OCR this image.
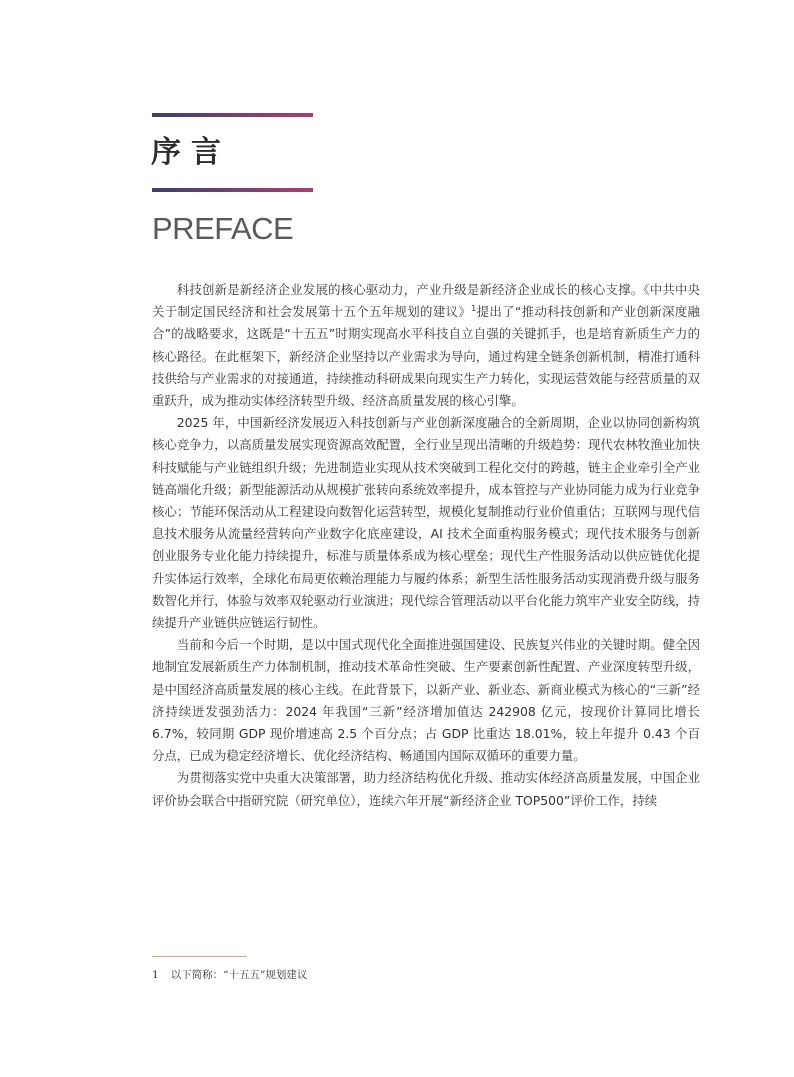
序言
PREFACE

科技创新是新经济企业发展的核心驱动力，产业升级是新经济企业成长的核心支撑。《中共中央关于制定国民经济和社会发展第十五个五年规划的建议》$^1$提出了“推动科技创新和产业创新深度融合”的战略要求，这既是“十五五”时期实现高水平科技自立自强的关键抓手，也是培育新质生产力的核心路径。在此框架下，新经济企业坚持以产业需求为导向，通过构建全链条创新机制，精准打通科技供给与产业需求的对接通道，持续推动科研成果向现实生产力转化，实现运营效能与经营质量的双重跃升，成为推动实体经济转型升级、经济高质量发展的核心引擎。

2025 年，中国新经济发展迈入科技创新与产业创新深度融合的全新周期，企业以协同创新构筑核心竞争力，以高质量发展实现资源高效配置，全行业呈现出清晰的升级趋势：现代农林牧渔业加快科技赋能与产业链组织升级；先进制造业实现从技术突破到工程化交付的跨越，链主企业牵引全产业链高端化升级；新型能源活动从规模扩张转向系统效率提升，成本管控与产业协同能力成为行业竞争核心；节能环保活动从工程建设向数智化运营转型，规模化复制推动行业价值重估；互联网与现代信息技术服务从流量经营转向产业数字化底座建设，AI 技术全面重构服务模式；现代技术服务与创新创业服务专业化能力持续提升，标准与质量体系成为核心壁垒；现代生产性服务活动以供应链优化提升实体运行效率，全球化布局更依赖治理能力与履约体系；新型生活性服务活动实现消费升级与服务数智化并行，体验与效率双轮驱动行业演进；现代综合管理活动以平台化能力筑牢产业安全防线，持续提升产业链供应链运行韧性。

当前和今后一个时期，是以中国式现代化全面推进强国建设、民族复兴伟业的关键时期。健全因地制宜发展新质生产力体制机制，推动技术革命性突破、生产要素创新性配置、产业深度转型升级，是中国经济高质量发展的核心主线。在此背景下，以新产业、新业态、新商业模式为核心的“三新”经济持续迸发强劲活力：2024 年我国“三新”经济增加值达 242908 亿元，按现价计算同比增长 6.7%，较同期 GDP 现价增速高 2.5 个百分点；占 GDP 比重达 18.01%，较上年提升 0.43 个百分点，已成为稳定经济增长、优化经济结构、畅通国内国际双循环的重要力量。

为贯彻落实党中央重大决策部署，助力经济结构优化升级、推动实体经济高质量发展，中国企业评价协会联合中指研究院（研究单位），连续六年开展“新经济企业 TOP500”评价工作，持续

1 以下简称：“十五五”规划建议
